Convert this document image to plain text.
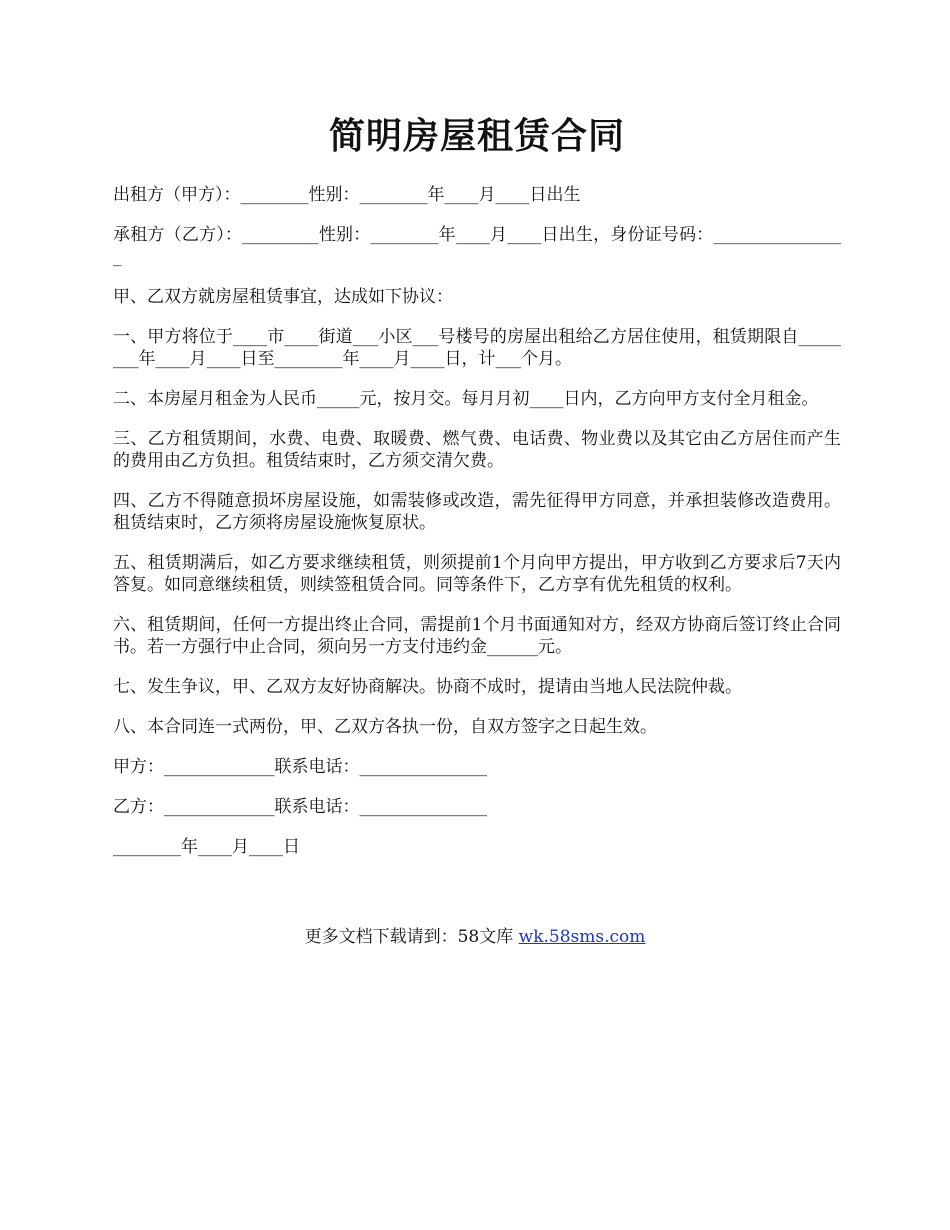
简明房屋租赁合同

出租方（甲方）：________性别：________年____月____日出生

承租方（乙方）：_________性别：________年____月____日出生，身份证号码：________________

甲、乙双方就房屋租赁事宜，达成如下协议：

一、甲方将位于____市____街道___小区___号楼号的房屋出租给乙方居住使用，租赁期限自________年____月____日至________年____月____日，计___个月。

二、本房屋月租金为人民币_____元，按月交。每月月初____日内，乙方向甲方支付全月租金。

三、乙方租赁期间，水费、电费、取暖费、燃气费、电话费、物业费以及其它由乙方居住而产生的费用由乙方负担。租赁结束时，乙方须交清欠费。

四、乙方不得随意损坏房屋设施，如需装修或改造，需先征得甲方同意，并承担装修改造费用。租赁结束时，乙方须将房屋设施恢复原状。

五、租赁期满后，如乙方要求继续租赁，则须提前1个月向甲方提出，甲方收到乙方要求后7天内答复。如同意继续租赁，则续签租赁合同。同等条件下，乙方享有优先租赁的权利。

六、租赁期间，任何一方提出终止合同，需提前1个月书面通知对方，经双方协商后签订终止合同书。若一方强行中止合同，须向另一方支付违约金______元。

七、发生争议，甲、乙双方友好协商解决。协商不成时，提请由当地人民法院仲裁。

八、本合同连一式两份，甲、乙双方各执一份，自双方签字之日起生效。

甲方：_____________联系电话：_______________

乙方：_____________联系电话：_______________

________年____月____日

更多文档下载请到：58文库 wk.58sms.com
